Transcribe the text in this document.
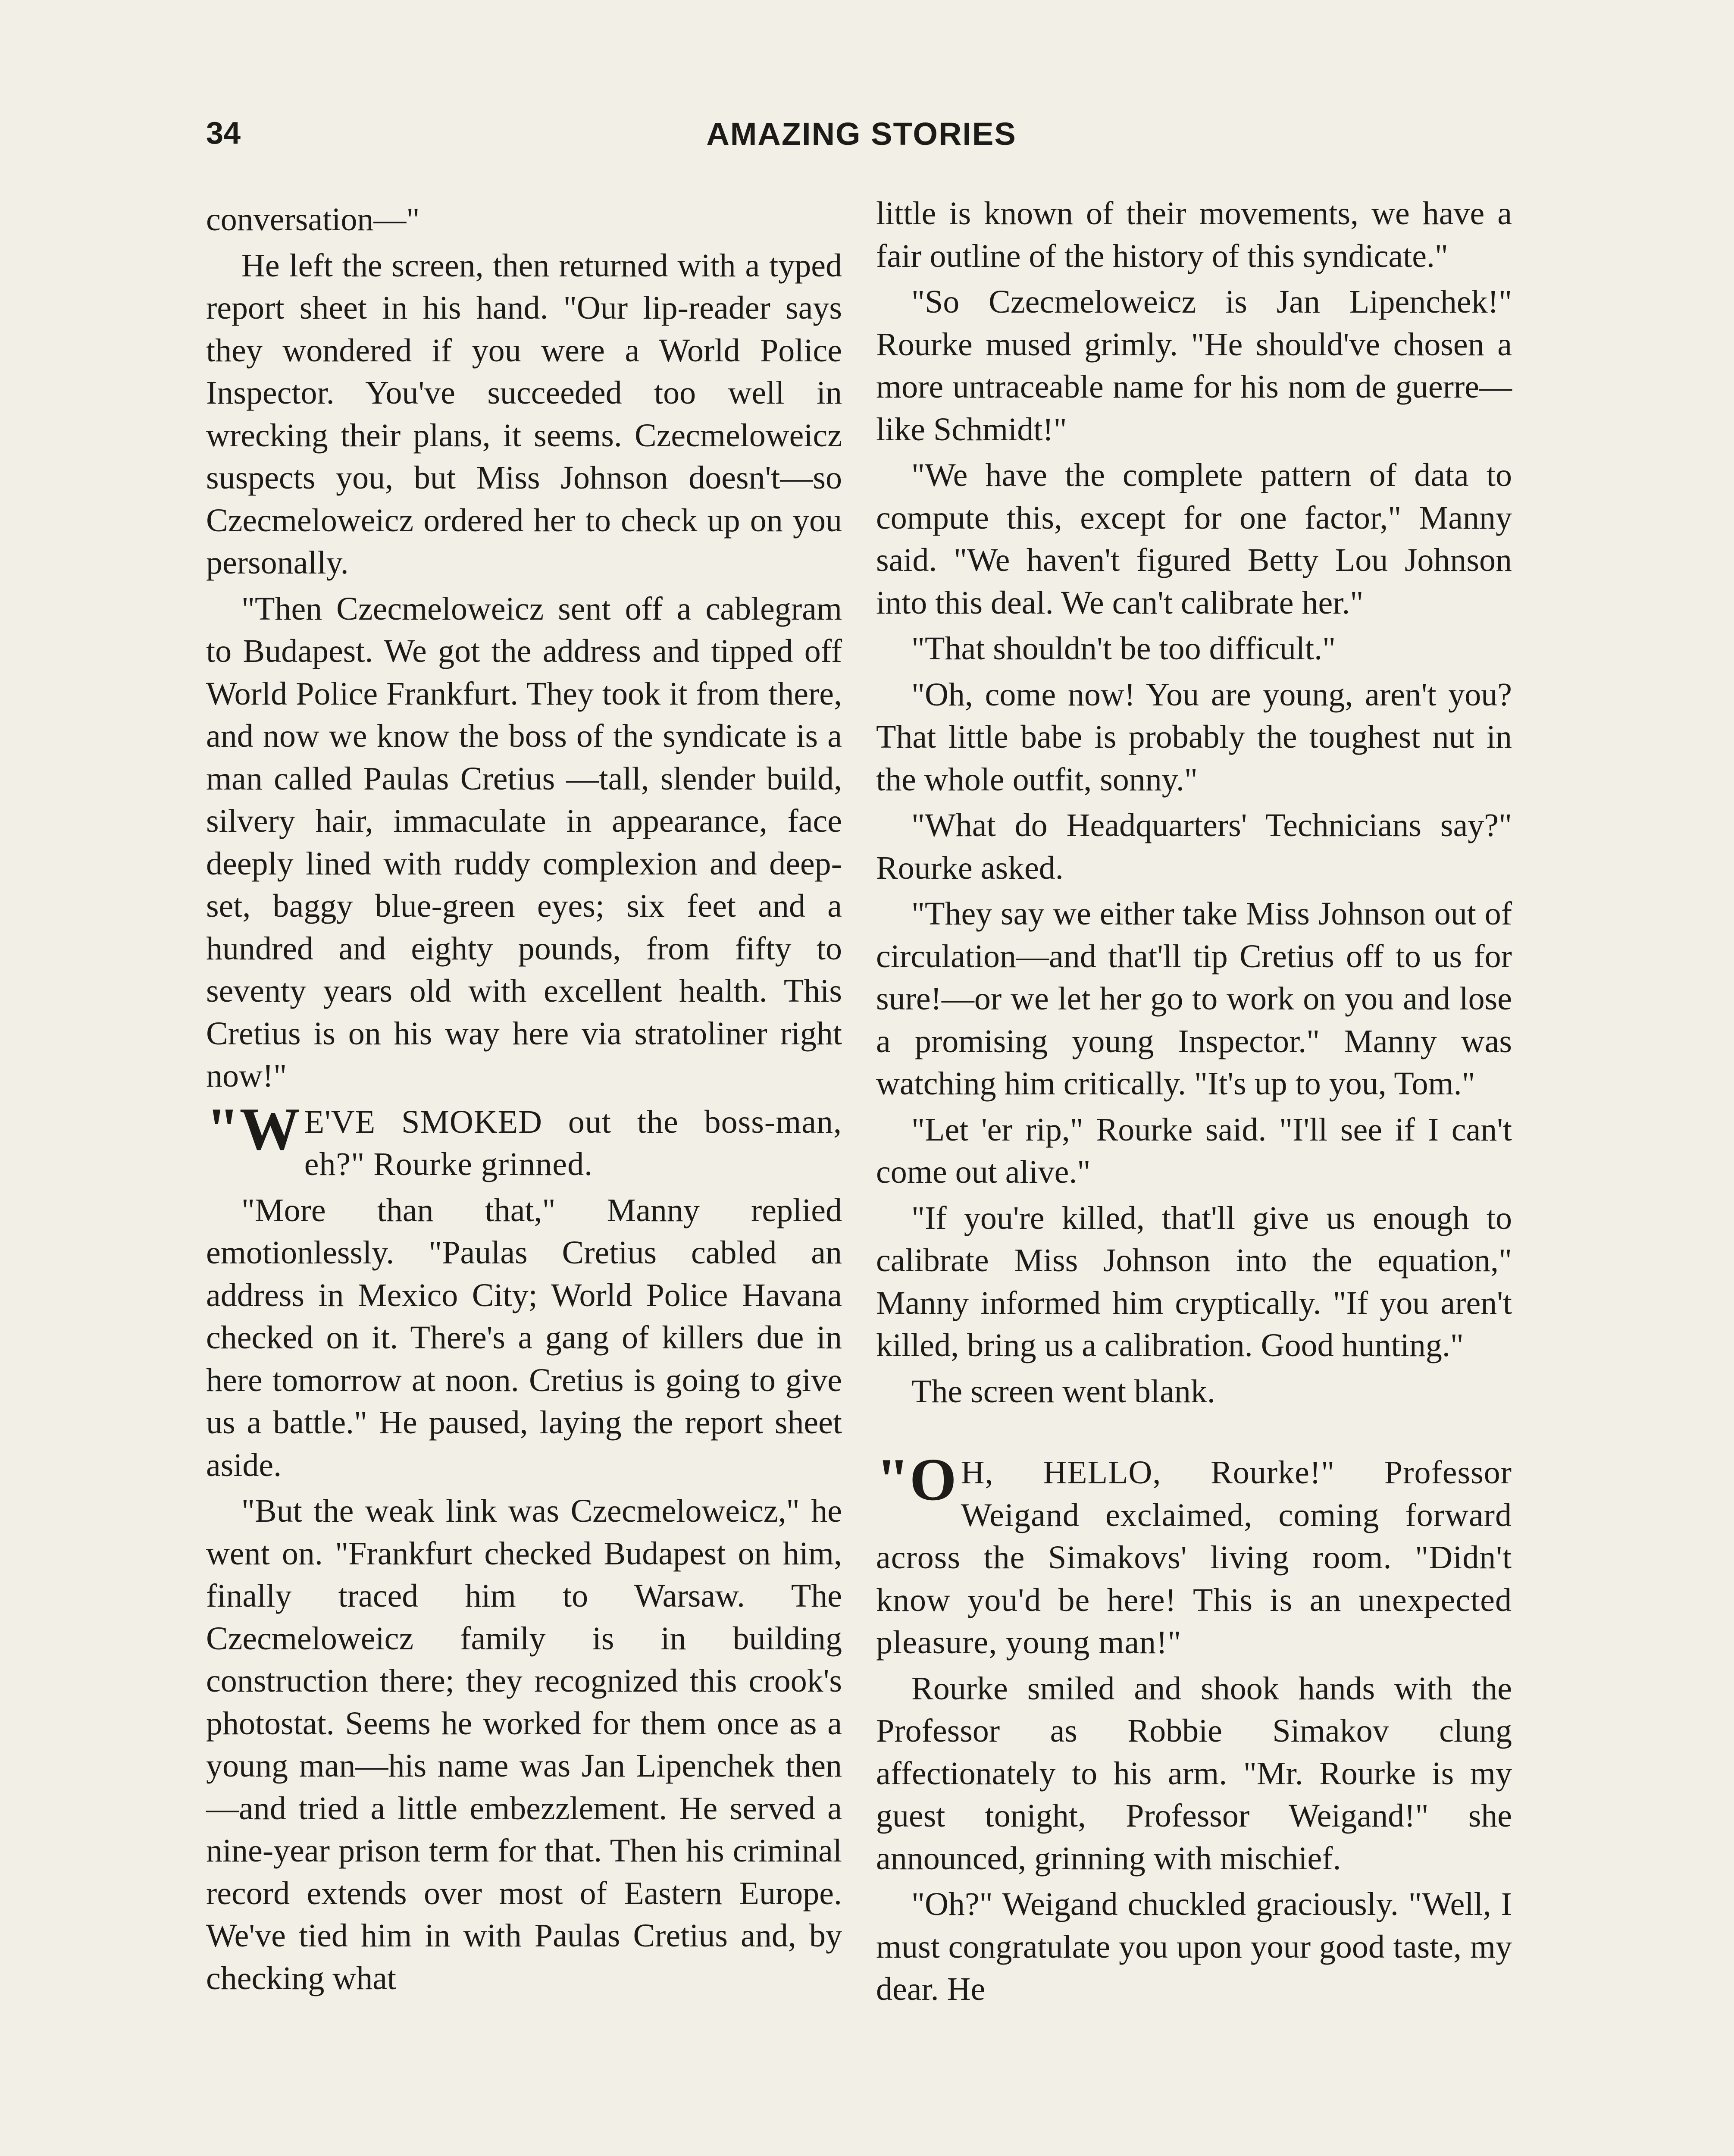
34	AMAZING STORIES

conversation—"

He left the screen, then returned with a typed report sheet in his hand. "Our lip-reader says they wondered if you were a World Police Inspector. You've succeeded too well in wrecking their plans, it seems. Czecmeloweicz suspects you, but Miss Johnson doesn't—so Czecmeloweicz ordered her to check up on you personally.

"Then Czecmeloweicz sent off a cablegram to Budapest. We got the address and tipped off World Police Frankfurt. They took it from there, and now we know the boss of the syndicate is a man called Paulas Cretius —tall, slender build, silvery hair, immaculate in appearance, face deeply lined with ruddy complexion and deep-set, baggy blue-green eyes; six feet and a hundred and eighty pounds, from fifty to seventy years old with excellent health. This Cretius is on his way here via stratoliner right now!"

"W E'VE SMOKED out the boss-man, eh?" Rourke grinned.

"More than that," Manny replied emotionlessly. "Paulas Cretius cabled an address in Mexico City; World Police Havana checked on it. There's a gang of killers due in here tomorrow at noon. Cretius is going to give us a battle." He paused, laying the report sheet aside.

"But the weak link was Czecmeloweicz," he went on. "Frankfurt checked Budapest on him, finally traced him to Warsaw. The Czecmeloweicz family is in building construction there; they recognized this crook's photostat. Seems he worked for them once as a young man—his name was Jan Lipenchek then—and tried a little embezzlement. He served a nine-year prison term for that. Then his criminal record extends over most of Eastern Europe. We've tied him in with Paulas Cretius and, by checking what

little is known of their movements, we have a fair outline of the history of this syndicate."

"So Czecmeloweicz is Jan Lipenchek!" Rourke mused grimly. "He should've chosen a more untraceable name for his nom de guerre—like Schmidt!"

"We have the complete pattern of data to compute this, except for one factor," Manny said. "We haven't figured Betty Lou Johnson into this deal. We can't calibrate her."

"That shouldn't be too difficult."

"Oh, come now! You are young, aren't you? That little babe is probably the toughest nut in the whole outfit, sonny."

"What do Headquarters' Technicians say?" Rourke asked.

"They say we either take Miss Johnson out of circulation—and that'll tip Cretius off to us for sure!—or we let her go to work on you and lose a promising young Inspector." Manny was watching him critically. "It's up to you, Tom."

"Let 'er rip," Rourke said. "I'll see if I can't come out alive."

"If you're killed, that'll give us enough to calibrate Miss Johnson into the equation," Manny informed him cryptically. "If you aren't killed, bring us a calibration. Good hunting."

The screen went blank.

"O H, HELLO, Rourke!" Professor Weigand exclaimed, coming forward across the Simakovs' living room. "Didn't know you'd be here! This is an unexpected pleasure, young man!"

Rourke smiled and shook hands with the Professor as Robbie Simakov clung affectionately to his arm. "Mr. Rourke is my guest tonight, Professor Weigand!" she announced, grinning with mischief.

"Oh?" Weigand chuckled graciously. "Well, I must congratulate you upon your good taste, my dear. He
